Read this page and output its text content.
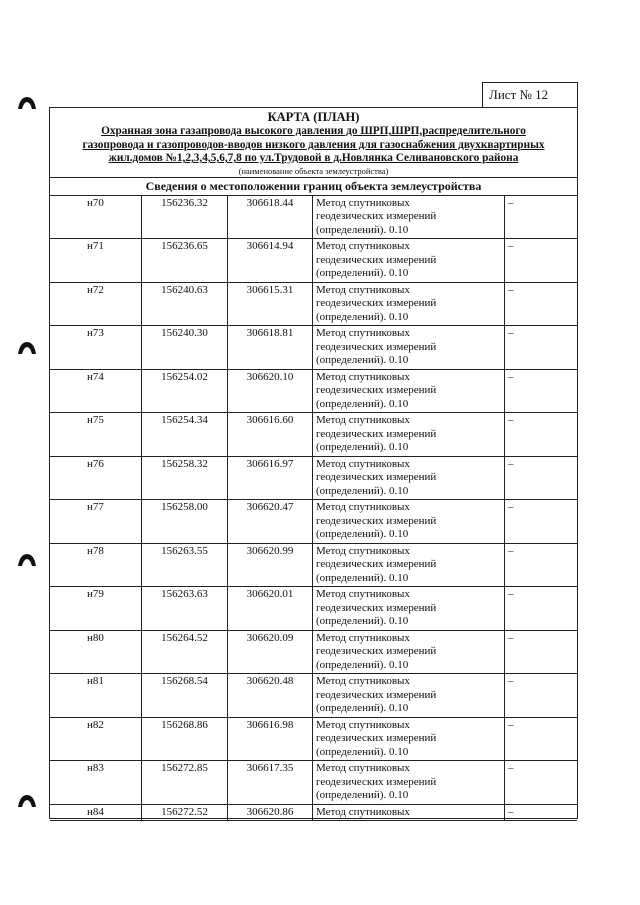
Лист № 12
КАРТА (ПЛАН)
Охранная зона газапровода высокого давления до ШРП,ШРП,распределительного
газопровода и газопроводов-вводов низкого давления для газоснабжения двухквартирных
жил.домов №1,2,3,4,5,6,7,8 по ул.Трудовой в д.Новлянка Селивановского района
(наименование объекта землеустройства)
Сведения о местоположении границ объекта землеустройства
н70	156236.32	306618.44	Метод спутниковых
геодезических измерений
(определений). 0.10	–
н71	156236.65	306614.94	Метод спутниковых
геодезических измерений
(определений). 0.10	–
н72	156240.63	306615.31	Метод спутниковых
геодезических измерений
(определений). 0.10	–
н73	156240.30	306618.81	Метод спутниковых
геодезических измерений
(определений). 0.10	–
н74	156254.02	306620.10	Метод спутниковых
геодезических измерений
(определений). 0.10	–
н75	156254.34	306616.60	Метод спутниковых
геодезических измерений
(определений). 0.10	–
н76	156258.32	306616.97	Метод спутниковых
геодезических измерений
(определений). 0.10	–
н77	156258.00	306620.47	Метод спутниковых
геодезических измерений
(определений). 0.10	–
н78	156263.55	306620.99	Метод спутниковых
геодезических измерений
(определений). 0.10	–
н79	156263.63	306620.01	Метод спутниковых
геодезических измерений
(определений). 0.10	–
н80	156264.52	306620.09	Метод спутниковых
геодезических измерений
(определений). 0.10	–
н81	156268.54	306620.48	Метод спутниковых
геодезических измерений
(определений). 0.10	–
н82	156268.86	306616.98	Метод спутниковых
геодезических измерений
(определений). 0.10	–
н83	156272.85	306617.35	Метод спутниковых
геодезических измерений
(определений). 0.10	–
н84	156272.52	306620.86	Метод спутниковых	–
